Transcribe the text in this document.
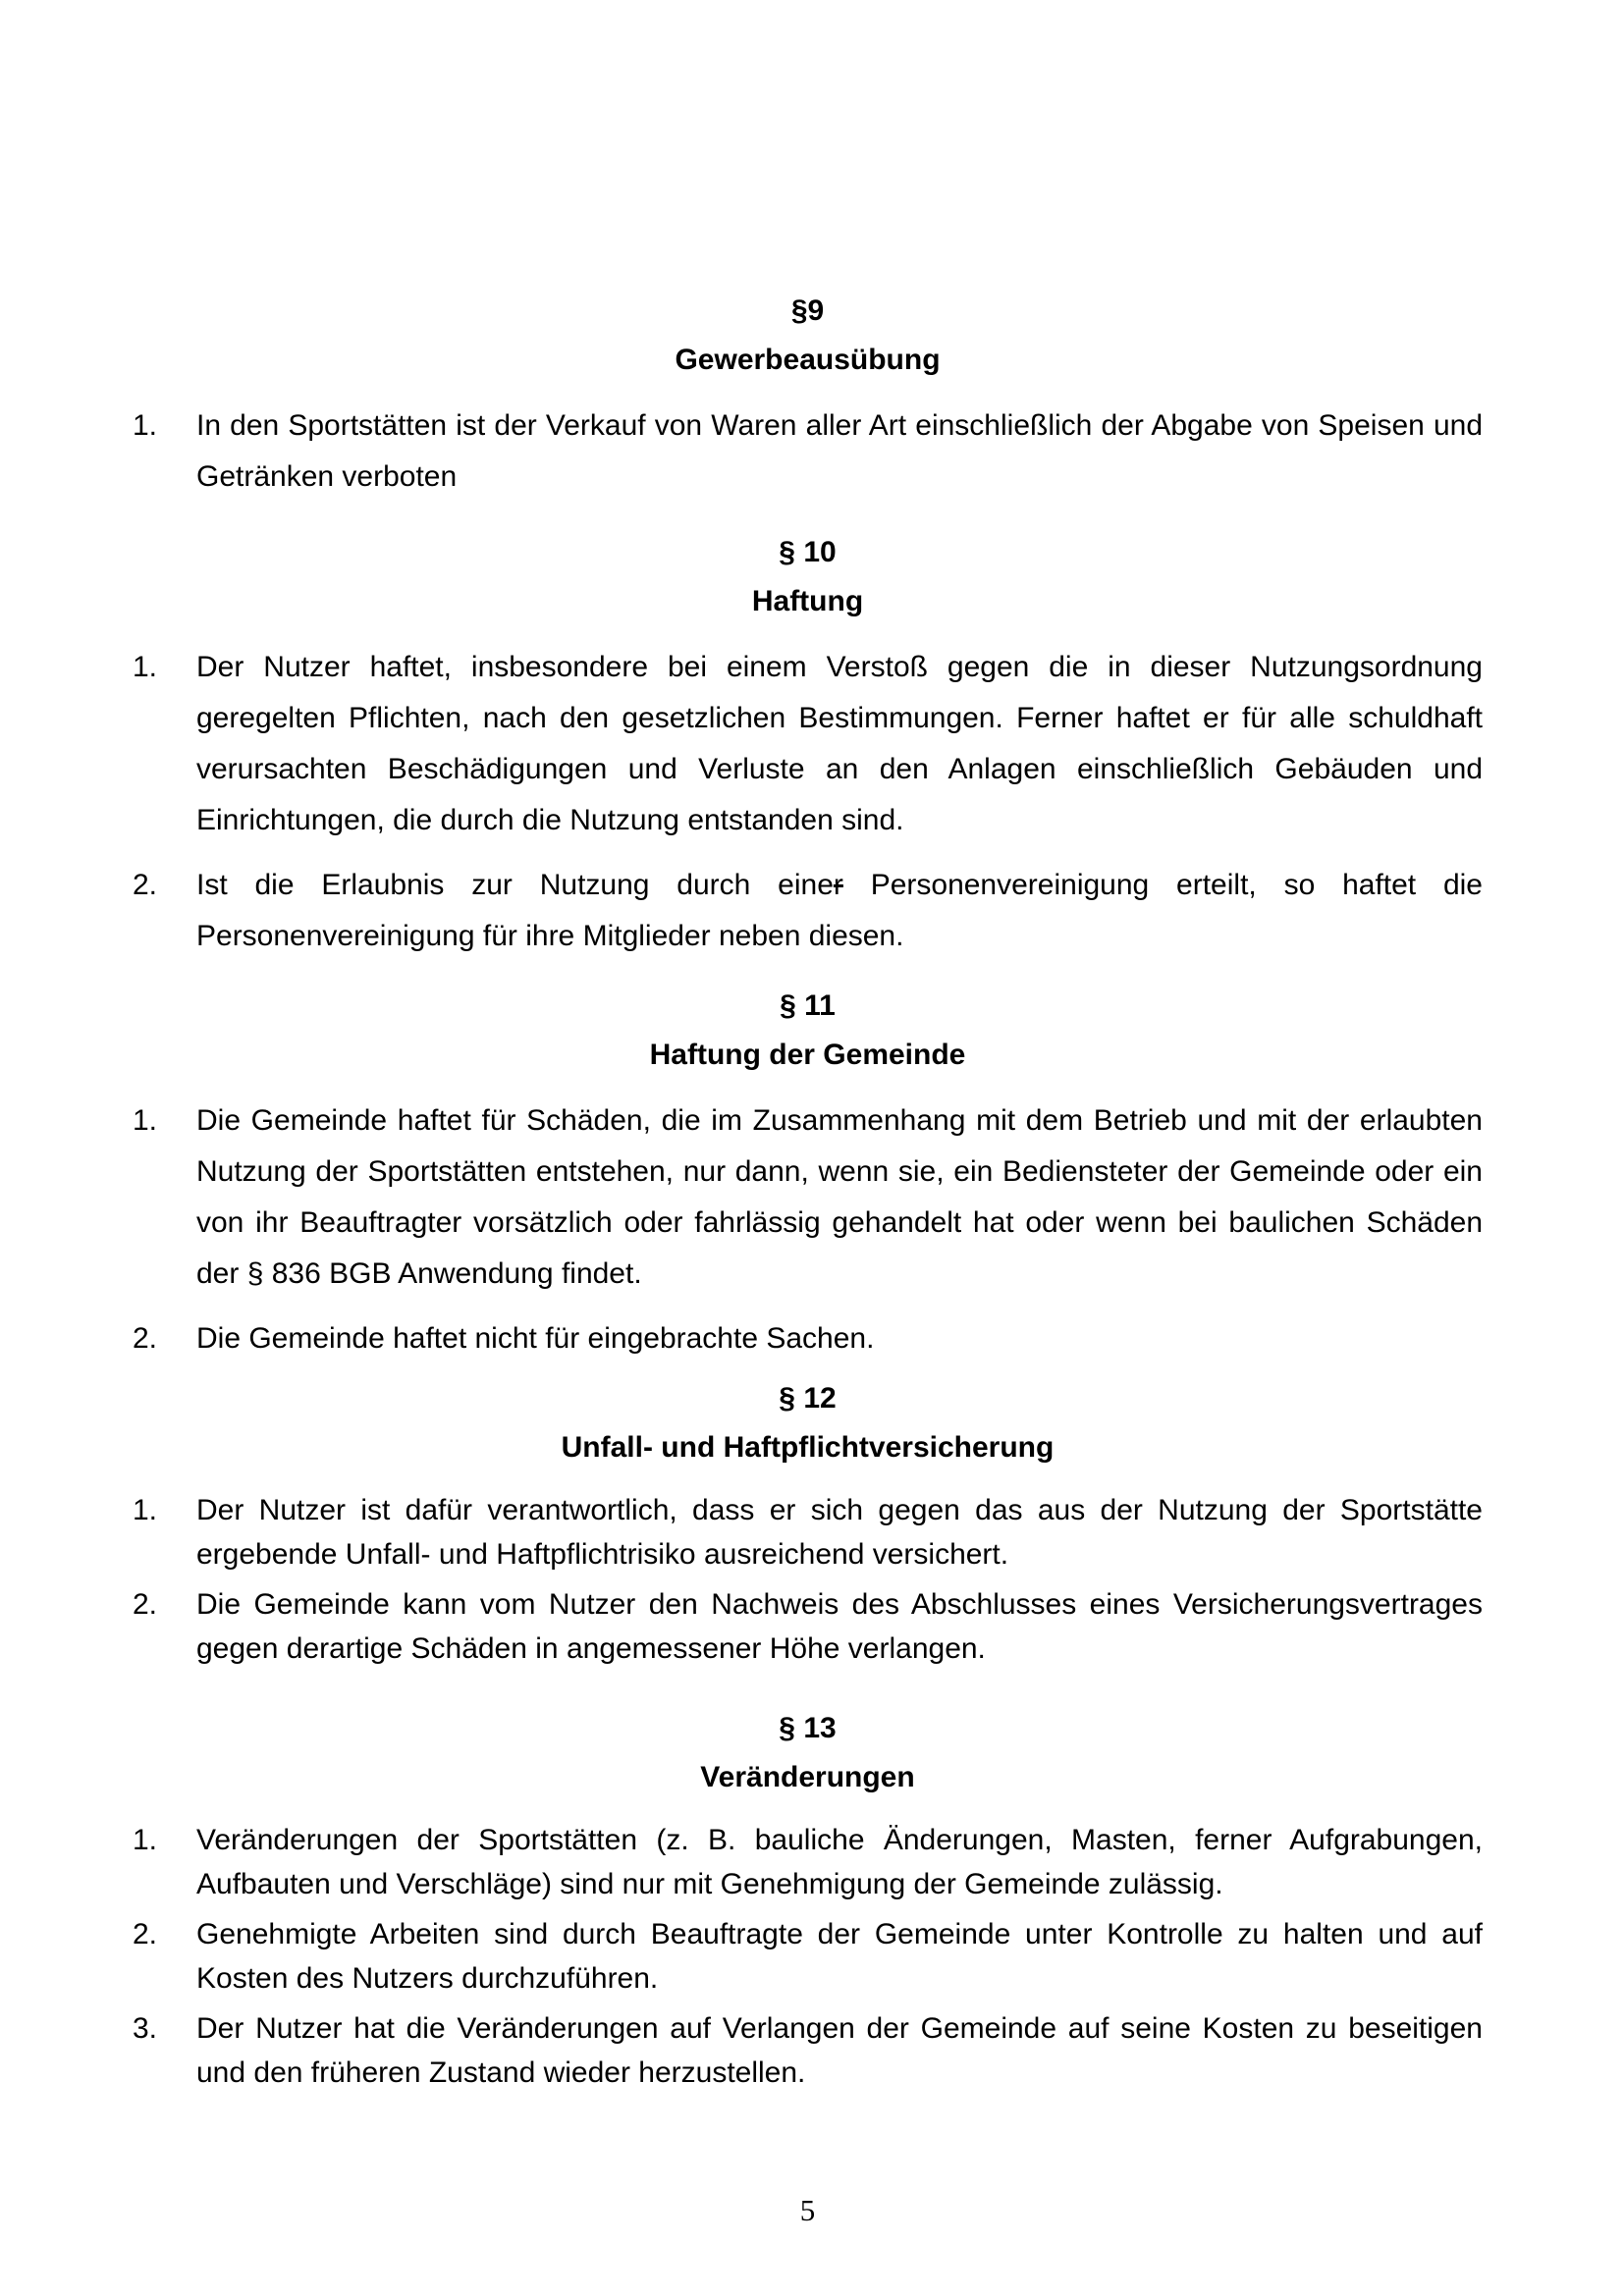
§9
Gewerbeausübung
1.	In den Sportstätten ist der Verkauf von Waren aller Art einschließlich der Abgabe von Speisen und Getränken verboten
§ 10
Haftung
1.	Der Nutzer haftet, insbesondere bei einem Verstoß gegen die in dieser Nutzungsordnung geregelten Pflichten, nach den gesetzlichen Bestimmungen. Ferner haftet er für alle schuldhaft verursachten Beschädigungen und Verluste an den Anlagen einschließlich Gebäuden und Einrichtungen, die durch die Nutzung entstanden sind.
2.	Ist die Erlaubnis zur Nutzung durch einer Personenvereinigung erteilt, so haftet die Personenvereinigung für ihre Mitglieder neben diesen.
§ 11
Haftung der Gemeinde
1.	Die Gemeinde haftet für Schäden, die im Zusammenhang mit dem Betrieb und mit der erlaubten Nutzung der Sportstätten entstehen, nur dann, wenn sie, ein Bediensteter der Gemeinde oder ein von ihr Beauftragter vorsätzlich oder fahrlässig gehandelt hat oder wenn bei baulichen Schäden der § 836 BGB Anwendung findet.
2.	Die Gemeinde haftet nicht für eingebrachte Sachen.
§ 12
Unfall- und Haftpflichtversicherung
1.	Der Nutzer ist dafür verantwortlich, dass er sich gegen das aus der Nutzung der Sportstätte ergebende Unfall- und Haftpflichtrisiko ausreichend versichert.
2.	Die Gemeinde kann vom Nutzer den Nachweis des Abschlusses eines Versicherungsvertrages gegen derartige Schäden in angemessener Höhe verlangen.
§ 13
Veränderungen
1.	Veränderungen der Sportstätten (z. B. bauliche Änderungen, Masten, ferner Aufgrabungen, Aufbauten und Verschläge) sind nur mit Genehmigung der Gemeinde zulässig.
2.	Genehmigte Arbeiten sind durch Beauftragte der Gemeinde unter Kontrolle zu halten und auf Kosten des Nutzers durchzuführen.
3.	Der Nutzer hat die Veränderungen auf Verlangen der Gemeinde auf seine Kosten zu beseitigen und den früheren Zustand wieder herzustellen.
5
